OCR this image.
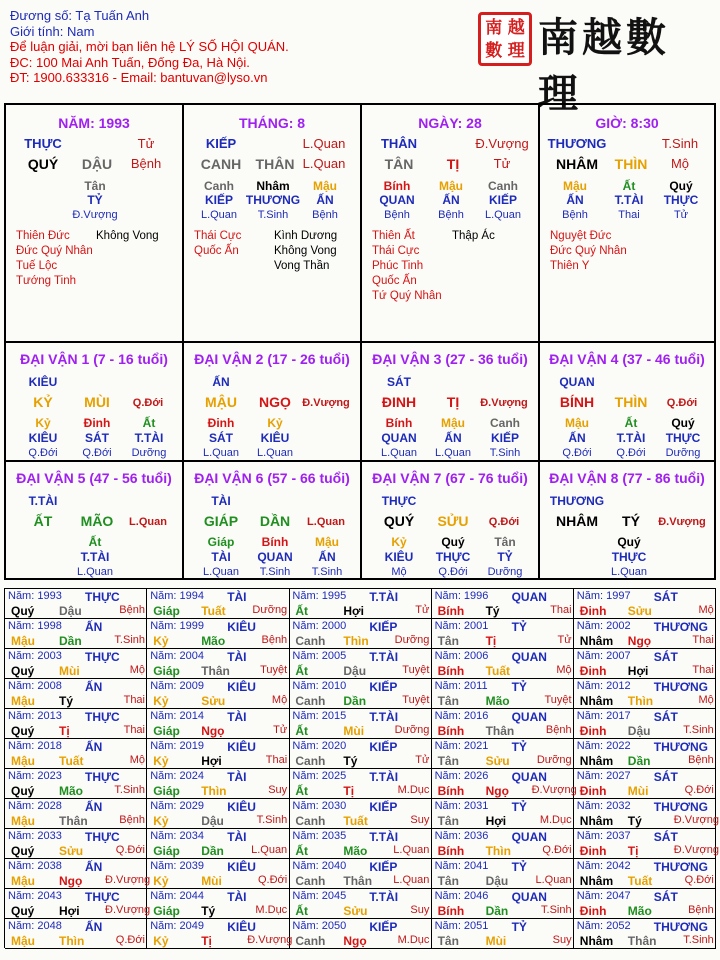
Đương số: Tạ Tuấn Anh
Giới tính: Nam
Để luận giải, mời bạn liên hệ LÝ SỐ HỘI QUÁN.
ĐC: 100 Mai Anh Tuấn, Đống Đa, Hà Nội.
ĐT: 1900.633316 - Email: bantuvan@lyso.vn
南 越
數 理 南越數理
NĂM: 1993
THỰC	Tử
QUÝ	DẬU	Bệnh
Tân
TỶ
Đ.Vượng
Thiên Đức
Đức Quý Nhân
Tuế Lộc
Tướng Tinh
Không Vong
THÁNG: 8
KIẾP	L.Quan
CANH	THÂN L.Quan
Canh
KIẾP
L.Quan
Nhâm
THƯƠNG
T.Sinh
Mậu
ẤN
Bệnh
Thái Cực
Quốc Ấn
Kình Dương
Không Vong
Vong Thần
NGÀY: 28
THÂN	Đ.Vượng
TÂN	TỊ	Tử
Bính
QUAN
Bệnh
Mậu
ẤN
Bệnh
Canh
KIẾP
L.Quan
Thiên Ất
Thái Cực
Phúc Tinh
Quốc Ấn
Tứ Quý Nhân
Thập Ác
GIỜ: 8:30
THƯƠNG	T.Sinh
NHÂM	THÌN	Mộ
Mậu
ẤN
Bệnh
Ất
T.TÀI
Thai
Quý
THỰC
Tử
Nguyệt Đức
Đức Quý Nhân
Thiên Y
ĐẠI VẬN 1 (7 - 16 tuổi)
KIÊU
KỶ	MÙI	Q.Đới
Kỷ
KIÊU
Q.Đới
Đinh
SÁT
Q.Đới
Ất
T.TÀI
Dưỡng
ĐẠI VẬN 2 (17 - 26 tuổi)
ẤN
MẬU	NGỌ	Đ.Vượng
Đinh
SÁT
L.Quan
Kỷ
KIÊU
L.Quan
ĐẠI VẬN 3 (27 - 36 tuổi)
SÁT
ĐINH	TỊ	Đ.Vượng
Bính
QUAN
L.Quan
Mậu
ẤN
L.Quan
Canh
KIẾP
T.Sinh
ĐẠI VẬN 4 (37 - 46 tuổi)
QUAN
BÍNH	THÌN	Q.Đới
Mậu
ẤN
Q.Đới
Ất
T.TÀI
Q.Đới
Quý
THỰC
Dưỡng
ĐẠI VẬN 5 (47 - 56 tuổi)
T.TÀI
ẤT	MÃO	L.Quan
Ất
T.TÀI
L.Quan
ĐẠI VẬN 6 (57 - 66 tuổi)
TÀI
GIÁP	DẦN	L.Quan
Giáp
TÀI
L.Quan
Bính
QUAN
T.Sinh
Mậu
ẤN
T.Sinh
ĐẠI VẬN 7 (67 - 76 tuổi)
THỰC
QUÝ	SỬU	Q.Đới
Kỷ
KIÊU
Mộ
Quý
THỰC
Q.Đới
Tân
TỶ
Dưỡng
ĐẠI VẬN 8 (77 - 86 tuổi)
THƯƠNG
NHÂM	TÝ	Đ.Vượng
Quý
THỰC
L.Quan
Năm: 1993 THỰC
Quý Dậu	Bệnh
Năm: 1994 TÀI
Giáp Tuất	Dưỡng
Năm: 1995 T.TÀI
Ất	Hợi	Tử
Năm: 1996 QUAN
Bính Tý	Thai
Năm: 1997 SÁT
Đinh Sửu	Mộ
Năm: 1998 ẤN
Mậu Dần	T.Sinh
Năm: 1999 KIÊU
Kỷ	Mão	Bệnh
Năm: 2000 KIẾP
Canh Thìn	Dưỡng
Năm: 2001 TỶ
Tân Tị	Tử
Năm: 2002 THƯƠNG
Nhâm Ngọ	Thai
Năm: 2003 THỰC
Quý Mùi	Mộ
Năm: 2004 TÀI
Giáp Thân	Tuyệt
Năm: 2005 T.TÀI
Ất	Dậu	Tuyệt
Năm: 2006 QUAN
Bính Tuất	Mộ
Năm: 2007 SÁT
Đinh Hợi	Thai
Năm: 2008 ẤN
Mậu Tý	Thai
Năm: 2009 KIÊU
Kỷ	Sửu	Mộ
Năm: 2010 KIẾP
Canh Dần	Tuyệt
Năm: 2011 TỶ
Tân Mão	Tuyệt
Năm: 2012 THƯƠNG
Nhâm Thìn	Mộ
Năm: 2013 THỰC
Quý Tị	Thai
Năm: 2014 TÀI
Giáp Ngọ	Tử
Năm: 2015 T.TÀI
Ất	Mùi	Dưỡng
Năm: 2016 QUAN
Bính Thân	Bệnh
Năm: 2017 SÁT
Đinh Dậu	T.Sinh
Năm: 2018 ẤN
Mậu Tuất	Mộ
Năm: 2019 KIÊU
Kỷ	Hợi	Thai
Năm: 2020 KIẾP
Canh Tý	Tử
Năm: 2021 TỶ
Tân Sửu	Dưỡng
Năm: 2022 THƯƠNG
Nhâm Dần	Bệnh
Năm: 2023 THỰC
Quý Mão	T.Sinh
Năm: 2024 TÀI
Giáp Thìn	Suy
Năm: 2025 T.TÀI
Ất	Tị	M.Dục
Năm: 2026 QUAN
Bính Ngọ Đ.Vượng
Năm: 2027 SÁT
Đinh Mùi	Q.Đới
Năm: 2028 ẤN
Mậu Thân	Bệnh
Năm: 2029 KIÊU
Kỷ	Dậu	T.Sinh
Năm: 2030 KIẾP
Canh Tuất	Suy
Năm: 2031 TỶ
Tân Hợi	M.Dục
Năm: 2032 THƯƠNG
Nhâm Tý	Đ.Vượng
Năm: 2033 THỰC
Quý Sửu	Q.Đới
Năm: 2034 TÀI
Giáp Dần	L.Quan
Năm: 2035 T.TÀI
Ất	Mão	L.Quan
Năm: 2036 QUAN
Bính Thìn	Q.Đới
Năm: 2037 SÁT
Đinh Tị	Đ.Vượng
Năm: 2038 ẤN
Mậu Ngọ Đ.Vượng
Năm: 2039 KIÊU
Kỷ	Mùi	Q.Đới
Năm: 2040 KIẾP
Canh Thân	L.Quan
Năm: 2041 TỶ
Tân Dậu	L.Quan
Năm: 2042 THƯƠNG
Nhâm Tuất	Q.Đới
Năm: 2043 THỰC
Quý Hợi Đ.Vượng
Năm: 2044 TÀI
Giáp Tý	M.Dục
Năm: 2045 T.TÀI
Ất	Sửu	Suy
Năm: 2046 QUAN
Bính Dần	T.Sinh
Năm: 2047 SÁT
Đinh Mão	Bệnh
Năm: 2048 ẤN
Mậu Thìn	Q.Đới
Năm: 2049 KIÊU
Kỷ	Tị	Đ.Vượng
Năm: 2050 KIẾP
Canh Ngọ	M.Dục
Năm: 2051 TỶ
Tân Mùi	Suy
Năm: 2052 THƯƠNG
Nhâm Thân	T.Sinh
